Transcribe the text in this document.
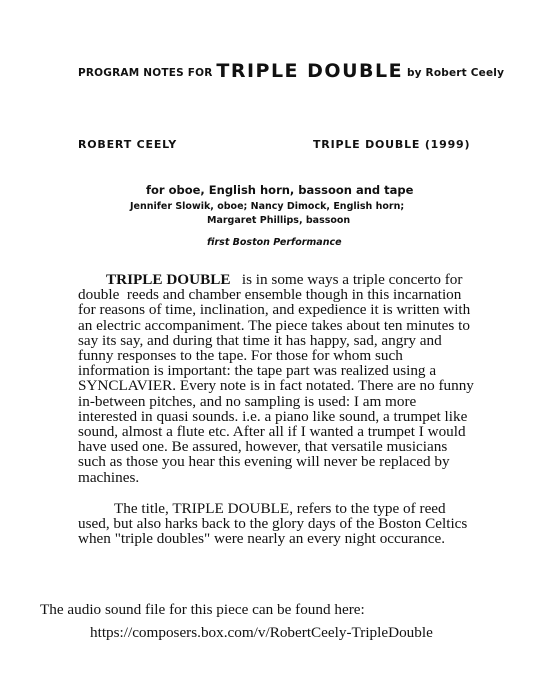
PROGRAM NOTES FOR TRIPLE DOUBLE by Robert Ceely
ROBERT CEELY	TRIPLE DOUBLE (1999)
for oboe, English horn, bassoon and tape
Jennifer Slowik, oboe; Nancy Dimock, English horn;
Margaret Phillips, bassoon
first Boston Performance

TRIPLE DOUBLE   is in some ways a triple concerto for double  reeds and chamber ensemble though in this incarnation for reasons of time, inclination, and expedience it is written with an electric accompaniment. The piece takes about ten minutes to say its say, and during that time it has happy, sad, angry and funny responses to the tape. For those for whom such information is important: the tape part was realized using a SYNCLAVIER. Every note is in fact notated. There are no funny in-between pitches, and no sampling is used: I am more interested in quasi sounds. i.e. a piano like sound, a trumpet like sound, almost a flute etc. After all if I wanted a trumpet I would have used one. Be assured, however, that versatile musicians such as those you hear this evening will never be replaced by machines.

The title, TRIPLE DOUBLE, refers to the type of reed used, but also harks back to the glory days of the Boston Celtics when "triple doubles" were nearly an every night occurance.

The audio sound file for this piece can be found here:
https://composers.box.com/v/RobertCeely-TripleDouble
